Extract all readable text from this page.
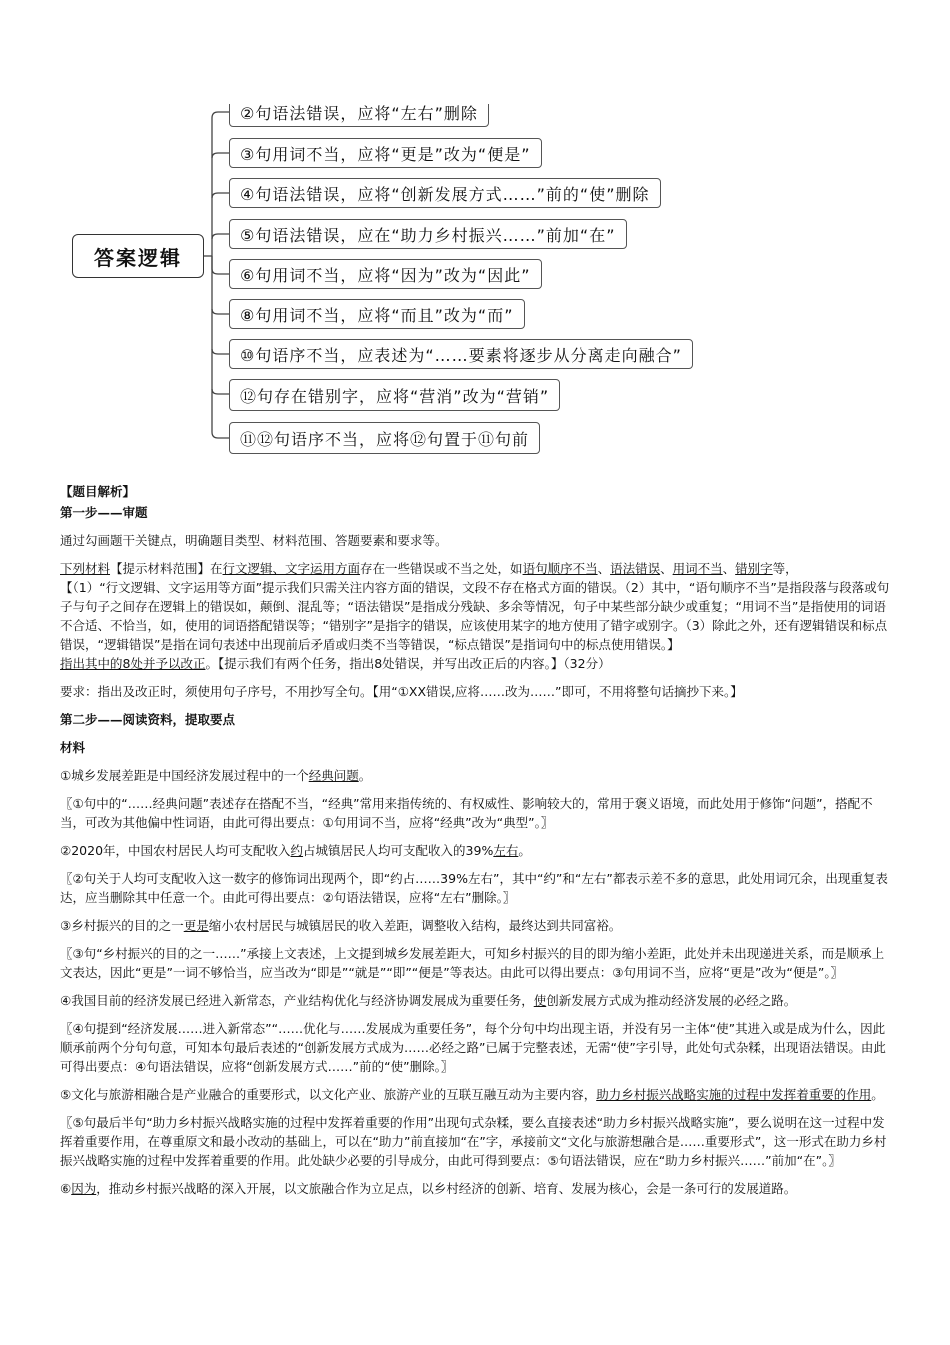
答案逻辑
②句语法错误，应将“左右”删除
③句用词不当，应将“更是”改为“便是”
④句语法错误，应将“创新发展方式……”前的“使”删除
⑤句语法错误，应在“助力乡村振兴……”前加“在”
⑥句用词不当，应将“因为”改为“因此”
⑧句用词不当，应将“而且”改为“而”
⑩句语序不当，应表述为“……要素将逐步从分离走向融合”
⑫句存在错别字，应将“营消”改为“营销”
⑪⑫句语序不当，应将⑫句置于⑪句前

【题目解析】

第一步——审题

通过勾画题干关键点，明确题目类型、材料范围、答题要素和要求等。

下列材料【提示材料范围】在行文逻辑、文字运用方面存在一些错误或不当之处，如语句顺序不当、语法错误、用词不当、错别字等，
【（1）“行文逻辑、文字运用等方面”提示我们只需关注内容方面的错误，文段不存在格式方面的错误。（2）其中，“语句顺序不当”是指段落与段落或句子与句子之间存在逻辑上的错误如，颠倒、混乱等；“语法错误”是指成分残缺、多余等情况，句子中某些部分缺少或重复；“用词不当”是指使用的词语不合适、不恰当，如，使用的词语搭配错误等；“错别字”是指字的错误，应该使用某字的地方使用了错字或别字。（3）除此之外，还有逻辑错误和标点错误，“逻辑错误”是指在词句表述中出现前后矛盾或归类不当等错误，“标点错误”是指词句中的标点使用错误。】
指出其中的8处并予以改正。【提示我们有两个任务，指出8处错误，并写出改正后的内容。】（32分）

要求：指出及改正时，须使用句子序号，不用抄写全句。【用“①XX错误,应将……改为……”即可，不用将整句话摘抄下来。】

第二步——阅读资料，提取要点

材料

①城乡发展差距是中国经济发展过程中的一个经典问题。

〖①句中的“……经典问题”表述存在搭配不当，“经典”常用来指传统的、有权威性、影响较大的，常用于褒义语境，而此处用于修饰“问题”，搭配不当，可改为其他偏中性词语，由此可得出要点：①句用词不当，应将“经典”改为“典型”。〗

②2020年，中国农村居民人均可支配收入约占城镇居民人均可支配收入的39%左右。

〖②句关于人均可支配收入这一数字的修饰词出现两个，即“约占……39%左右”，其中“约”和“左右”都表示差不多的意思，此处用词冗余，出现重复表达，应当删除其中任意一个。由此可得出要点：②句语法错误，应将“左右”删除。〗

③乡村振兴的目的之一更是缩小农村居民与城镇居民的收入差距，调整收入结构，最终达到共同富裕。

〖③句“乡村振兴的目的之一……”承接上文表述，上文提到城乡发展差距大，可知乡村振兴的目的即为缩小差距，此处并未出现递进关系，而是顺承上文表达，因此“更是”一词不够恰当，应当改为“即是”“就是”“即”“便是”等表达。由此可以得出要点：③句用词不当，应将“更是”改为“便是”。〗

④我国目前的经济发展已经进入新常态，产业结构优化与经济协调发展成为重要任务，使创新发展方式成为推动经济发展的必经之路。

〖④句提到“经济发展……进入新常态”“……优化与……发展成为重要任务”，每个分句中均出现主语，并没有另一主体“使”其进入或是成为什么，因此顺承前两个分句句意，可知本句最后表述的“创新发展方式成为……必经之路”已属于完整表述，无需“使”字引导，此处句式杂糅，出现语法错误。由此可得出要点：④句语法错误，应将“创新发展方式……”前的“使”删除。〗

⑤文化与旅游相融合是产业融合的重要形式，以文化产业、旅游产业的互联互融互动为主要内容，助力乡村振兴战略实施的过程中发挥着重要的作用。

〖⑤句最后半句“助力乡村振兴战略实施的过程中发挥着重要的作用”出现句式杂糅，要么直接表述“助力乡村振兴战略实施”，要么说明在这一过程中发挥着重要作用，在尊重原文和最小改动的基础上，可以在“助力”前直接加“在”字，承接前文“文化与旅游想融合是……重要形式”，这一形式在助力乡村振兴战略实施的过程中发挥着重要的作用。此处缺少必要的引导成分，由此可得到要点：⑤句语法错误，应在“助力乡村振兴……”前加“在”。〗

⑥因为，推动乡村振兴战略的深入开展，以文旅融合作为立足点，以乡村经济的创新、培育、发展为核心，会是一条可行的发展道路。
